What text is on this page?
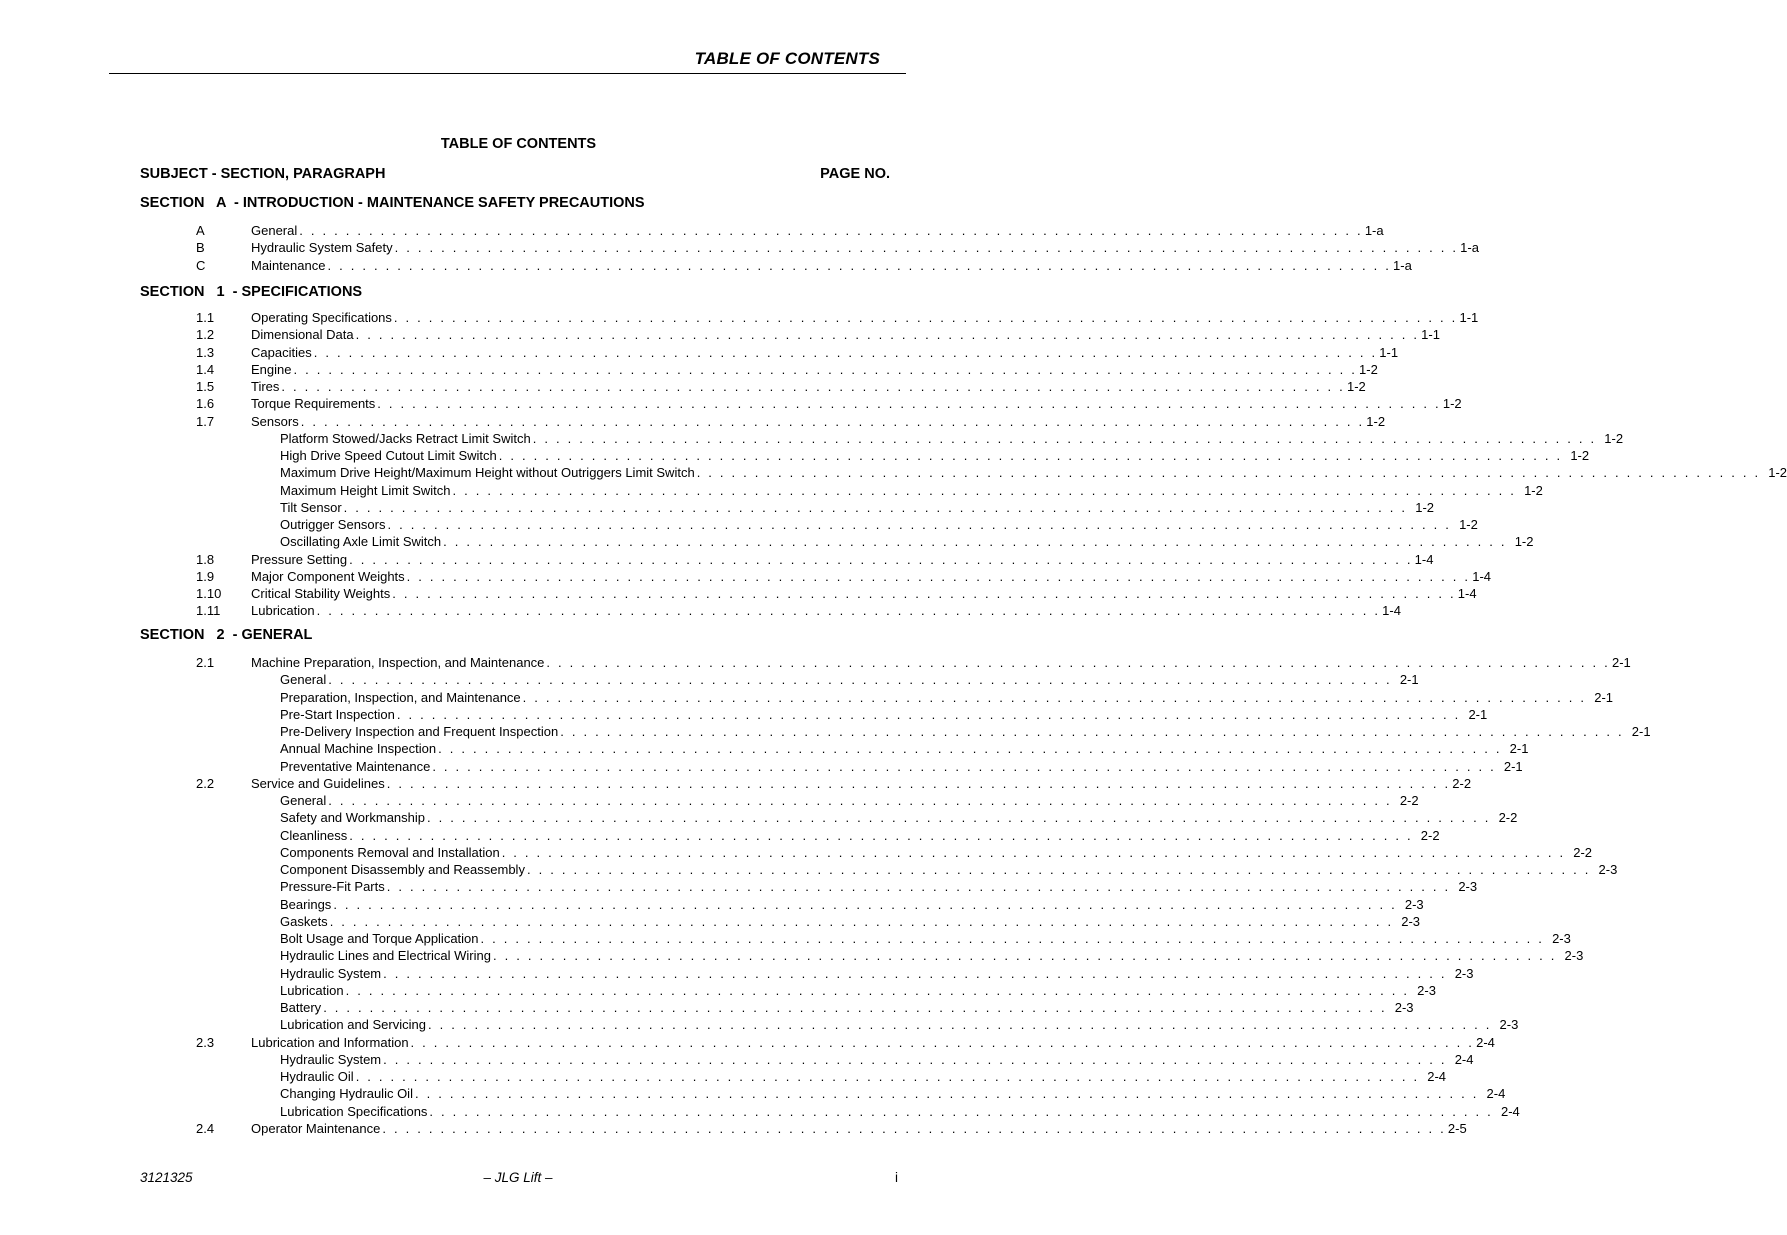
TABLE OF CONTENTS
TABLE OF CONTENTS
SUBJECT - SECTION, PARAGRAPH	PAGE NO.
SECTION   A  - INTRODUCTION - MAINTENANCE SAFETY PRECAUTIONS
A	General . . . . . . . . . . . . . . . . . . . . . . . . . . . . . . . . . . . . . . . . . . . . . . . . . . . . . . . . . . . . . . . . . . . . . . . . . . . . . . . . . . . . . . . . . . . . 1-a
B	Hydraulic System Safety . . . . . . . . . . . . . . . . . . . . . . . . . . . . . . . . . . . . . . . . . . . . . . . . . . . . . . . . . . . . . . . . . . . . . . . . . . . . . . . . . . . . . . . . . . . . 1-a
C	Maintenance . . . . . . . . . . . . . . . . . . . . . . . . . . . . . . . . . . . . . . . . . . . . . . . . . . . . . . . . . . . . . . . . . . . . . . . . . . . . . . . . . . . . . . . . . . . . 1-a
SECTION   1  - SPECIFICATIONS
1.1	Operating Specifications . . . . . . . . . . . . . . . . . . . . . . . . . . . . . . . . . . . . . . . . . . . . . . . . . . . . . . . . . . . . . . . . . . . . . . . . . . . . . . . . . . . . . . . . . . . . 1-1
1.2	Dimensional Data . . . . . . . . . . . . . . . . . . . . . . . . . . . . . . . . . . . . . . . . . . . . . . . . . . . . . . . . . . . . . . . . . . . . . . . . . . . . . . . . . . . . . . . . . . . . 1-1
1.3	Capacities . . . . . . . . . . . . . . . . . . . . . . . . . . . . . . . . . . . . . . . . . . . . . . . . . . . . . . . . . . . . . . . . . . . . . . . . . . . . . . . . . . . . . . . . . . . . 1-1
1.4	Engine . . . . . . . . . . . . . . . . . . . . . . . . . . . . . . . . . . . . . . . . . . . . . . . . . . . . . . . . . . . . . . . . . . . . . . . . . . . . . . . . . . . . . . . . . . . . 1-2
1.5	Tires . . . . . . . . . . . . . . . . . . . . . . . . . . . . . . . . . . . . . . . . . . . . . . . . . . . . . . . . . . . . . . . . . . . . . . . . . . . . . . . . . . . . . . . . . . . . 1-2
1.6	Torque Requirements . . . . . . . . . . . . . . . . . . . . . . . . . . . . . . . . . . . . . . . . . . . . . . . . . . . . . . . . . . . . . . . . . . . . . . . . . . . . . . . . . . . . . . . . . . . . 1-2
1.7	Sensors . . . . . . . . . . . . . . . . . . . . . . . . . . . . . . . . . . . . . . . . . . . . . . . . . . . . . . . . . . . . . . . . . . . . . . . . . . . . . . . . . . . . . . . . . . . . 1-2
Platform Stowed/Jacks Retract Limit Switch . . . . . . . . . . . . . . . . . . . . . . . . . . . . . . . . . . . . . . . . . . . . . . . . . . . . . . . . . . . . . . . . . . . . . . . . . . . . . . . . . . . . . . . . . . . . 1-2
High Drive Speed Cutout Limit Switch . . . . . . . . . . . . . . . . . . . . . . . . . . . . . . . . . . . . . . . . . . . . . . . . . . . . . . . . . . . . . . . . . . . . . . . . . . . . . . . . . . . . . . . . . . . . 1-2
Maximum Drive Height/Maximum Height without Outriggers Limit Switch . . . . . . . . . . . . . . . . . . . . . . . . . . . . . . . . . . . . . . . . . . . . . . . . . . . . . . . . . . . . . . . . . . . . . . . . . . . . . . . . . . . . . . . . . . . . 1-2
Maximum Height Limit Switch . . . . . . . . . . . . . . . . . . . . . . . . . . . . . . . . . . . . . . . . . . . . . . . . . . . . . . . . . . . . . . . . . . . . . . . . . . . . . . . . . . . . . . . . . . . . 1-2
Tilt Sensor . . . . . . . . . . . . . . . . . . . . . . . . . . . . . . . . . . . . . . . . . . . . . . . . . . . . . . . . . . . . . . . . . . . . . . . . . . . . . . . . . . . . . . . . . . . . 1-2
Outrigger Sensors . . . . . . . . . . . . . . . . . . . . . . . . . . . . . . . . . . . . . . . . . . . . . . . . . . . . . . . . . . . . . . . . . . . . . . . . . . . . . . . . . . . . . . . . . . . . 1-2
Oscillating Axle Limit Switch . . . . . . . . . . . . . . . . . . . . . . . . . . . . . . . . . . . . . . . . . . . . . . . . . . . . . . . . . . . . . . . . . . . . . . . . . . . . . . . . . . . . . . . . . . . . 1-2
1.8	Pressure Setting . . . . . . . . . . . . . . . . . . . . . . . . . . . . . . . . . . . . . . . . . . . . . . . . . . . . . . . . . . . . . . . . . . . . . . . . . . . . . . . . . . . . . . . . . . . . 1-4
1.9	Major Component Weights . . . . . . . . . . . . . . . . . . . . . . . . . . . . . . . . . . . . . . . . . . . . . . . . . . . . . . . . . . . . . . . . . . . . . . . . . . . . . . . . . . . . . . . . . . . . 1-4
1.10 Critical Stability Weights . . . . . . . . . . . . . . . . . . . . . . . . . . . . . . . . . . . . . . . . . . . . . . . . . . . . . . . . . . . . . . . . . . . . . . . . . . . . . . . . . . . . . . . . . . . . 1-4
1.11 Lubrication . . . . . . . . . . . . . . . . . . . . . . . . . . . . . . . . . . . . . . . . . . . . . . . . . . . . . . . . . . . . . . . . . . . . . . . . . . . . . . . . . . . . . . . . . . . . 1-4
SECTION   2  - GENERAL
2.1	Machine Preparation, Inspection, and Maintenance . . . . . . . . . . . . . . . . . . . . . . . . . . . . . . . . . . . . . . . . . . . . . . . . . . . . . . . . . . . . . . . . . . . . . . . . . . . . . . . . . . . . . . . . . . . . 2-1
General . . . . . . . . . . . . . . . . . . . . . . . . . . . . . . . . . . . . . . . . . . . . . . . . . . . . . . . . . . . . . . . . . . . . . . . . . . . . . . . . . . . . . . . . . . . . 2-1
Preparation, Inspection, and Maintenance . . . . . . . . . . . . . . . . . . . . . . . . . . . . . . . . . . . . . . . . . . . . . . . . . . . . . . . . . . . . . . . . . . . . . . . . . . . . . . . . . . . . . . . . . . . . 2-1
Pre-Start Inspection . . . . . . . . . . . . . . . . . . . . . . . . . . . . . . . . . . . . . . . . . . . . . . . . . . . . . . . . . . . . . . . . . . . . . . . . . . . . . . . . . . . . . . . . . . . . 2-1
Pre-Delivery Inspection and Frequent Inspection . . . . . . . . . . . . . . . . . . . . . . . . . . . . . . . . . . . . . . . . . . . . . . . . . . . . . . . . . . . . . . . . . . . . . . . . . . . . . . . . . . . . . . . . . . . . 2-1
Annual Machine Inspection . . . . . . . . . . . . . . . . . . . . . . . . . . . . . . . . . . . . . . . . . . . . . . . . . . . . . . . . . . . . . . . . . . . . . . . . . . . . . . . . . . . . . . . . . . . . 2-1
Preventative Maintenance . . . . . . . . . . . . . . . . . . . . . . . . . . . . . . . . . . . . . . . . . . . . . . . . . . . . . . . . . . . . . . . . . . . . . . . . . . . . . . . . . . . . . . . . . . . . 2-1
2.2	Service and Guidelines . . . . . . . . . . . . . . . . . . . . . . . . . . . . . . . . . . . . . . . . . . . . . . . . . . . . . . . . . . . . . . . . . . . . . . . . . . . . . . . . . . . . . . . . . . . . 2-2
General . . . . . . . . . . . . . . . . . . . . . . . . . . . . . . . . . . . . . . . . . . . . . . . . . . . . . . . . . . . . . . . . . . . . . . . . . . . . . . . . . . . . . . . . . . . . 2-2
Safety and Workmanship . . . . . . . . . . . . . . . . . . . . . . . . . . . . . . . . . . . . . . . . . . . . . . . . . . . . . . . . . . . . . . . . . . . . . . . . . . . . . . . . . . . . . . . . . . . . 2-2
Cleanliness . . . . . . . . . . . . . . . . . . . . . . . . . . . . . . . . . . . . . . . . . . . . . . . . . . . . . . . . . . . . . . . . . . . . . . . . . . . . . . . . . . . . . . . . . . . . 2-2
Components Removal and Installation . . . . . . . . . . . . . . . . . . . . . . . . . . . . . . . . . . . . . . . . . . . . . . . . . . . . . . . . . . . . . . . . . . . . . . . . . . . . . . . . . . . . . . . . . . . . 2-2
Component Disassembly and Reassembly . . . . . . . . . . . . . . . . . . . . . . . . . . . . . . . . . . . . . . . . . . . . . . . . . . . . . . . . . . . . . . . . . . . . . . . . . . . . . . . . . . . . . . . . . . . . 2-3
Pressure-Fit Parts . . . . . . . . . . . . . . . . . . . . . . . . . . . . . . . . . . . . . . . . . . . . . . . . . . . . . . . . . . . . . . . . . . . . . . . . . . . . . . . . . . . . . . . . . . . . 2-3
Bearings . . . . . . . . . . . . . . . . . . . . . . . . . . . . . . . . . . . . . . . . . . . . . . . . . . . . . . . . . . . . . . . . . . . . . . . . . . . . . . . . . . . . . . . . . . . . 2-3
Gaskets . . . . . . . . . . . . . . . . . . . . . . . . . . . . . . . . . . . . . . . . . . . . . . . . . . . . . . . . . . . . . . . . . . . . . . . . . . . . . . . . . . . . . . . . . . . . 2-3
Bolt Usage and Torque Application . . . . . . . . . . . . . . . . . . . . . . . . . . . . . . . . . . . . . . . . . . . . . . . . . . . . . . . . . . . . . . . . . . . . . . . . . . . . . . . . . . . . . . . . . . . . 2-3
Hydraulic Lines and Electrical Wiring . . . . . . . . . . . . . . . . . . . . . . . . . . . . . . . . . . . . . . . . . . . . . . . . . . . . . . . . . . . . . . . . . . . . . . . . . . . . . . . . . . . . . . . . . . . . 2-3
Hydraulic System . . . . . . . . . . . . . . . . . . . . . . . . . . . . . . . . . . . . . . . . . . . . . . . . . . . . . . . . . . . . . . . . . . . . . . . . . . . . . . . . . . . . . . . . . . . . 2-3
Lubrication . . . . . . . . . . . . . . . . . . . . . . . . . . . . . . . . . . . . . . . . . . . . . . . . . . . . . . . . . . . . . . . . . . . . . . . . . . . . . . . . . . . . . . . . . . . . 2-3
Battery . . . . . . . . . . . . . . . . . . . . . . . . . . . . . . . . . . . . . . . . . . . . . . . . . . . . . . . . . . . . . . . . . . . . . . . . . . . . . . . . . . . . . . . . . . . . 2-3
Lubrication and Servicing . . . . . . . . . . . . . . . . . . . . . . . . . . . . . . . . . . . . . . . . . . . . . . . . . . . . . . . . . . . . . . . . . . . . . . . . . . . . . . . . . . . . . . . . . . . . 2-3
2.3	Lubrication and Information . . . . . . . . . . . . . . . . . . . . . . . . . . . . . . . . . . . . . . . . . . . . . . . . . . . . . . . . . . . . . . . . . . . . . . . . . . . . . . . . . . . . . . . . . . . . 2-4
Hydraulic System . . . . . . . . . . . . . . . . . . . . . . . . . . . . . . . . . . . . . . . . . . . . . . . . . . . . . . . . . . . . . . . . . . . . . . . . . . . . . . . . . . . . . . . . . . . . 2-4
Hydraulic Oil . . . . . . . . . . . . . . . . . . . . . . . . . . . . . . . . . . . . . . . . . . . . . . . . . . . . . . . . . . . . . . . . . . . . . . . . . . . . . . . . . . . . . . . . . . . . 2-4
Changing Hydraulic Oil . . . . . . . . . . . . . . . . . . . . . . . . . . . . . . . . . . . . . . . . . . . . . . . . . . . . . . . . . . . . . . . . . . . . . . . . . . . . . . . . . . . . . . . . . . . . 2-4
Lubrication Specifications . . . . . . . . . . . . . . . . . . . . . . . . . . . . . . . . . . . . . . . . . . . . . . . . . . . . . . . . . . . . . . . . . . . . . . . . . . . . . . . . . . . . . . . . . . . . 2-4
2.4	Operator Maintenance . . . . . . . . . . . . . . . . . . . . . . . . . . . . . . . . . . . . . . . . . . . . . . . . . . . . . . . . . . . . . . . . . . . . . . . . . . . . . . . . . . . . . . . . . . . . 2-5
3121325	– JLG Lift –	i
